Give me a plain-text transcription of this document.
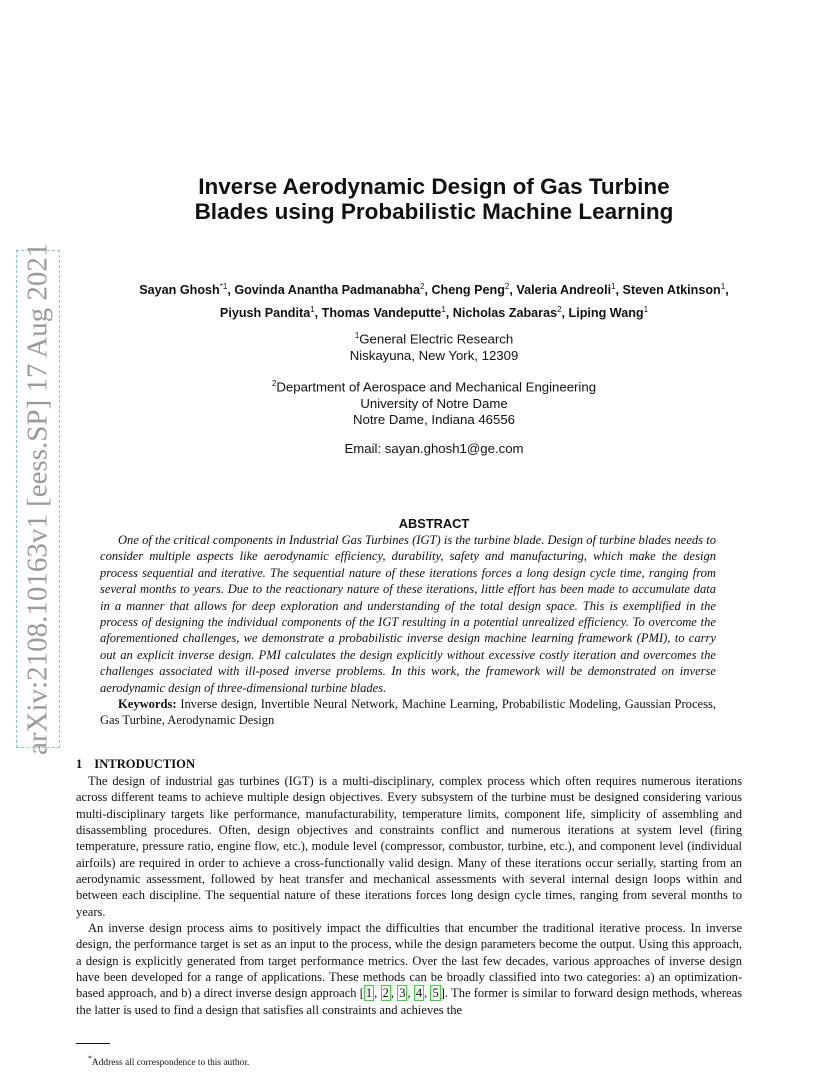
arXiv:2108.10163v1 [eess.SP] 17 Aug 2021
Inverse Aerodynamic Design of Gas Turbine
Blades using Probabilistic Machine Learning
Sayan Ghosh$^{*1}$, Govinda Anantha Padmanabha$^2$, Cheng Peng$^2$, Valeria Andreoli$^1$, Steven Atkinson$^1$,
Piyush Pandita$^1$, Thomas Vandeputte$^1$, Nicholas Zabaras$^2$, Liping Wang$^1$
$^1$General Electric Research
Niskayuna, New York, 12309
$^2$Department of Aerospace and Mechanical Engineering
University of Notre Dame
Notre Dame, Indiana 46556
Email: sayan.ghosh1@ge.com
ABSTRACT

One of the critical components in Industrial Gas Turbines (IGT) is the turbine blade. Design of turbine blades needs to consider multiple aspects like aerodynamic efficiency, durability, safety and manufacturing, which make the design process sequential and iterative. The sequential nature of these iterations forces a long design cycle time, ranging from several months to years. Due to the reactionary nature of these iterations, little effort has been made to accumulate data in a manner that allows for deep exploration and understanding of the total design space. This is exemplified in the process of designing the individual components of the IGT resulting in a potential unrealized efficiency. To overcome the aforementioned challenges, we demonstrate a probabilistic inverse design machine learning framework (PMI), to carry out an explicit inverse design. PMI calculates the design explicitly without excessive costly iteration and overcomes the challenges associated with ill-posed inverse problems. In this work, the framework will be demonstrated on inverse aerodynamic design of three-dimensional turbine blades.

Keywords: Inverse design, Invertible Neural Network, Machine Learning, Probabilistic Modeling, Gaussian Process, Gas Turbine, Aerodynamic Design

1 INTRODUCTION

The design of industrial gas turbines (IGT) is a multi-disciplinary, complex process which often requires numerous iterations across different teams to achieve multiple design objectives. Every subsystem of the turbine must be designed considering various multi-disciplinary targets like performance, manufacturability, temperature limits, component life, simplicity of assembling and disassembling procedures. Often, design objectives and constraints conflict and numerous iterations at system level (firing temperature, pressure ratio, engine flow, etc.), module level (compressor, combustor, turbine, etc.), and component level (individual airfoils) are required in order to achieve a cross-functionally valid design. Many of these iterations occur serially, starting from an aerodynamic assessment, followed by heat transfer and mechanical assessments with several internal design loops within and between each discipline. The sequential nature of these iterations forces long design cycle times, ranging from several months to years.

An inverse design process aims to positively impact the difficulties that encumber the traditional iterative process. In inverse design, the performance target is set as an input to the process, while the design parameters become the output. Using this approach, a design is explicitly generated from target performance metrics. Over the last few decades, various approaches of inverse design have been developed for a range of applications. These methods can be broadly classified into two categories: a) an optimization-based approach, and b) a direct inverse design approach [ 1 , 2 , 3 , 4 , 5 ]. The former is similar to forward design methods, whereas the latter is used to find a design that satisfies all constraints and achieves the

*Address all correspondence to this author.
